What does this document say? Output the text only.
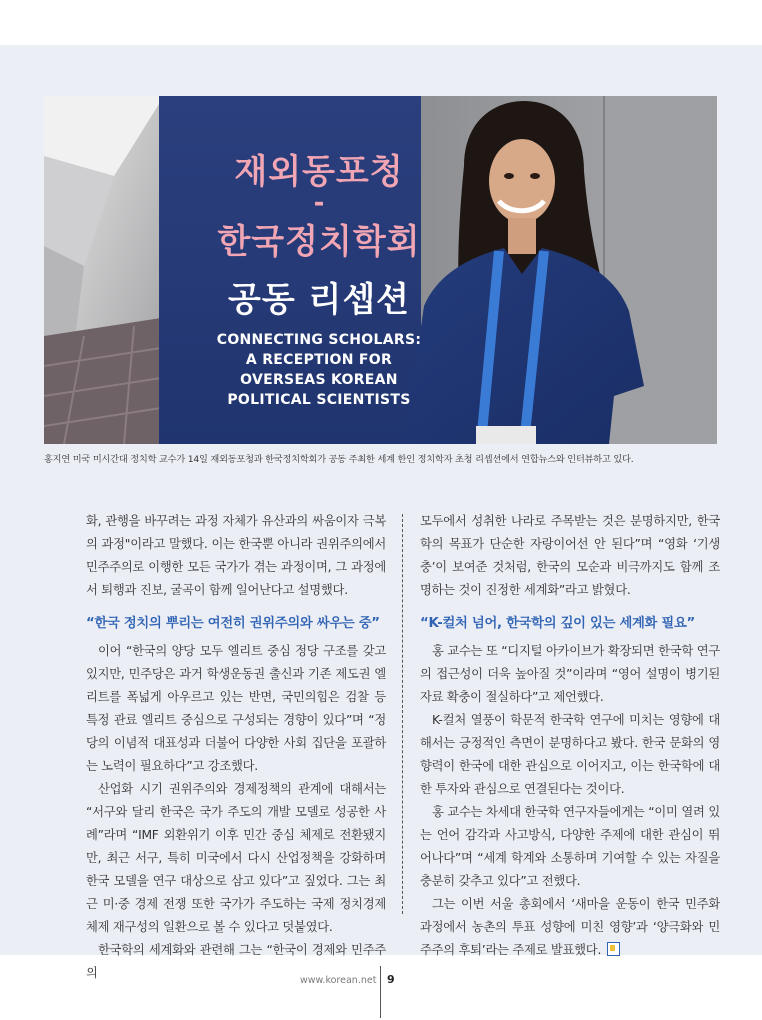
재외동포청
-
한국정치학회
공동 리셉션
CONNECTING SCHOLARS:
A RECEPTION FOR
OVERSEAS KOREAN
POLITICAL SCIENTISTS
홍지연 미국 미시간대 정치학 교수가 14일 재외동포청과 한국정치학회가 공동 주최한 세계 한인 정치학자 초청 리셉션에서 연합뉴스와 인터뷰하고 있다.

화, 관행을 바꾸려는 과정 자체가 유산과의 싸움이자 극복의 과정"이라고 말했다. 이는 한국뿐 아니라 권위주의에서 민주주의로 이행한 모든 국가가 겪는 과정이며, 그 과정에서 퇴행과 진보, 굴곡이 함께 일어난다고 설명했다.

“한국 정치의 뿌리는 여전히 권위주의와 싸우는 중”

이어 “한국의 양당 모두 엘리트 중심 정당 구조를 갖고 있지만, 민주당은 과거 학생운동권 출신과 기존 제도권 엘리트를 폭넓게 아우르고 있는 반면, 국민의힘은 검찰 등 특정 관료 엘리트 중심으로 구성되는 경향이 있다”며 “정당의 이념적 대표성과 더불어 다양한 사회 집단을 포괄하는 노력이 필요하다”고 강조했다.

산업화 시기 권위주의와 경제정책의 관계에 대해서는 “서구와 달리 한국은 국가 주도의 개발 모델로 성공한 사례”라며 “IMF 외환위기 이후 민간 중심 체제로 전환됐지만, 최근 서구, 특히 미국에서 다시 산업정책을 강화하며 한국 모델을 연구 대상으로 삼고 있다”고 짚었다. 그는 최근 미·중 경제 전쟁 또한 국가가 주도하는 국제 정치경제 체제 재구성의 일환으로 볼 수 있다고 덧붙였다.

한국학의 세계화와 관련해 그는 “한국이 경제와 민주주의

모두에서 성취한 나라로 주목받는 것은 분명하지만, 한국학의 목표가 단순한 자랑이어선 안 된다”며 “영화 ‘기생충’이 보여준 것처럼, 한국의 모순과 비극까지도 함께 조명하는 것이 진정한 세계화”라고 밝혔다.

“K-컬처 넘어, 한국학의 깊이 있는 세계화 필요”

홍 교수는 또 “디지털 아카이브가 확장되면 한국학 연구의 접근성이 더욱 높아질 것”이라며 “영어 설명이 병기된 자료 확충이 절실하다”고 제언했다.

K-컬처 열풍이 학문적 한국학 연구에 미치는 영향에 대해서는 긍정적인 측면이 분명하다고 봤다. 한국 문화의 영향력이 한국에 대한 관심으로 이어지고, 이는 한국학에 대한 투자와 관심으로 연결된다는 것이다.

홍 교수는 차세대 한국학 연구자들에게는 “이미 열려 있는 언어 감각과 사고방식, 다양한 주제에 대한 관심이 뛰어나다”며 “세계 학계와 소통하며 기여할 수 있는 자질을 충분히 갖추고 있다”고 전했다.

그는 이번 서울 총회에서 ‘새마을 운동이 한국 민주화 과정에서 농촌의 투표 성향에 미친 영향’과 ‘양극화와 민주주의 후퇴’라는 주제로 발표했다.

www.korean.net 9
